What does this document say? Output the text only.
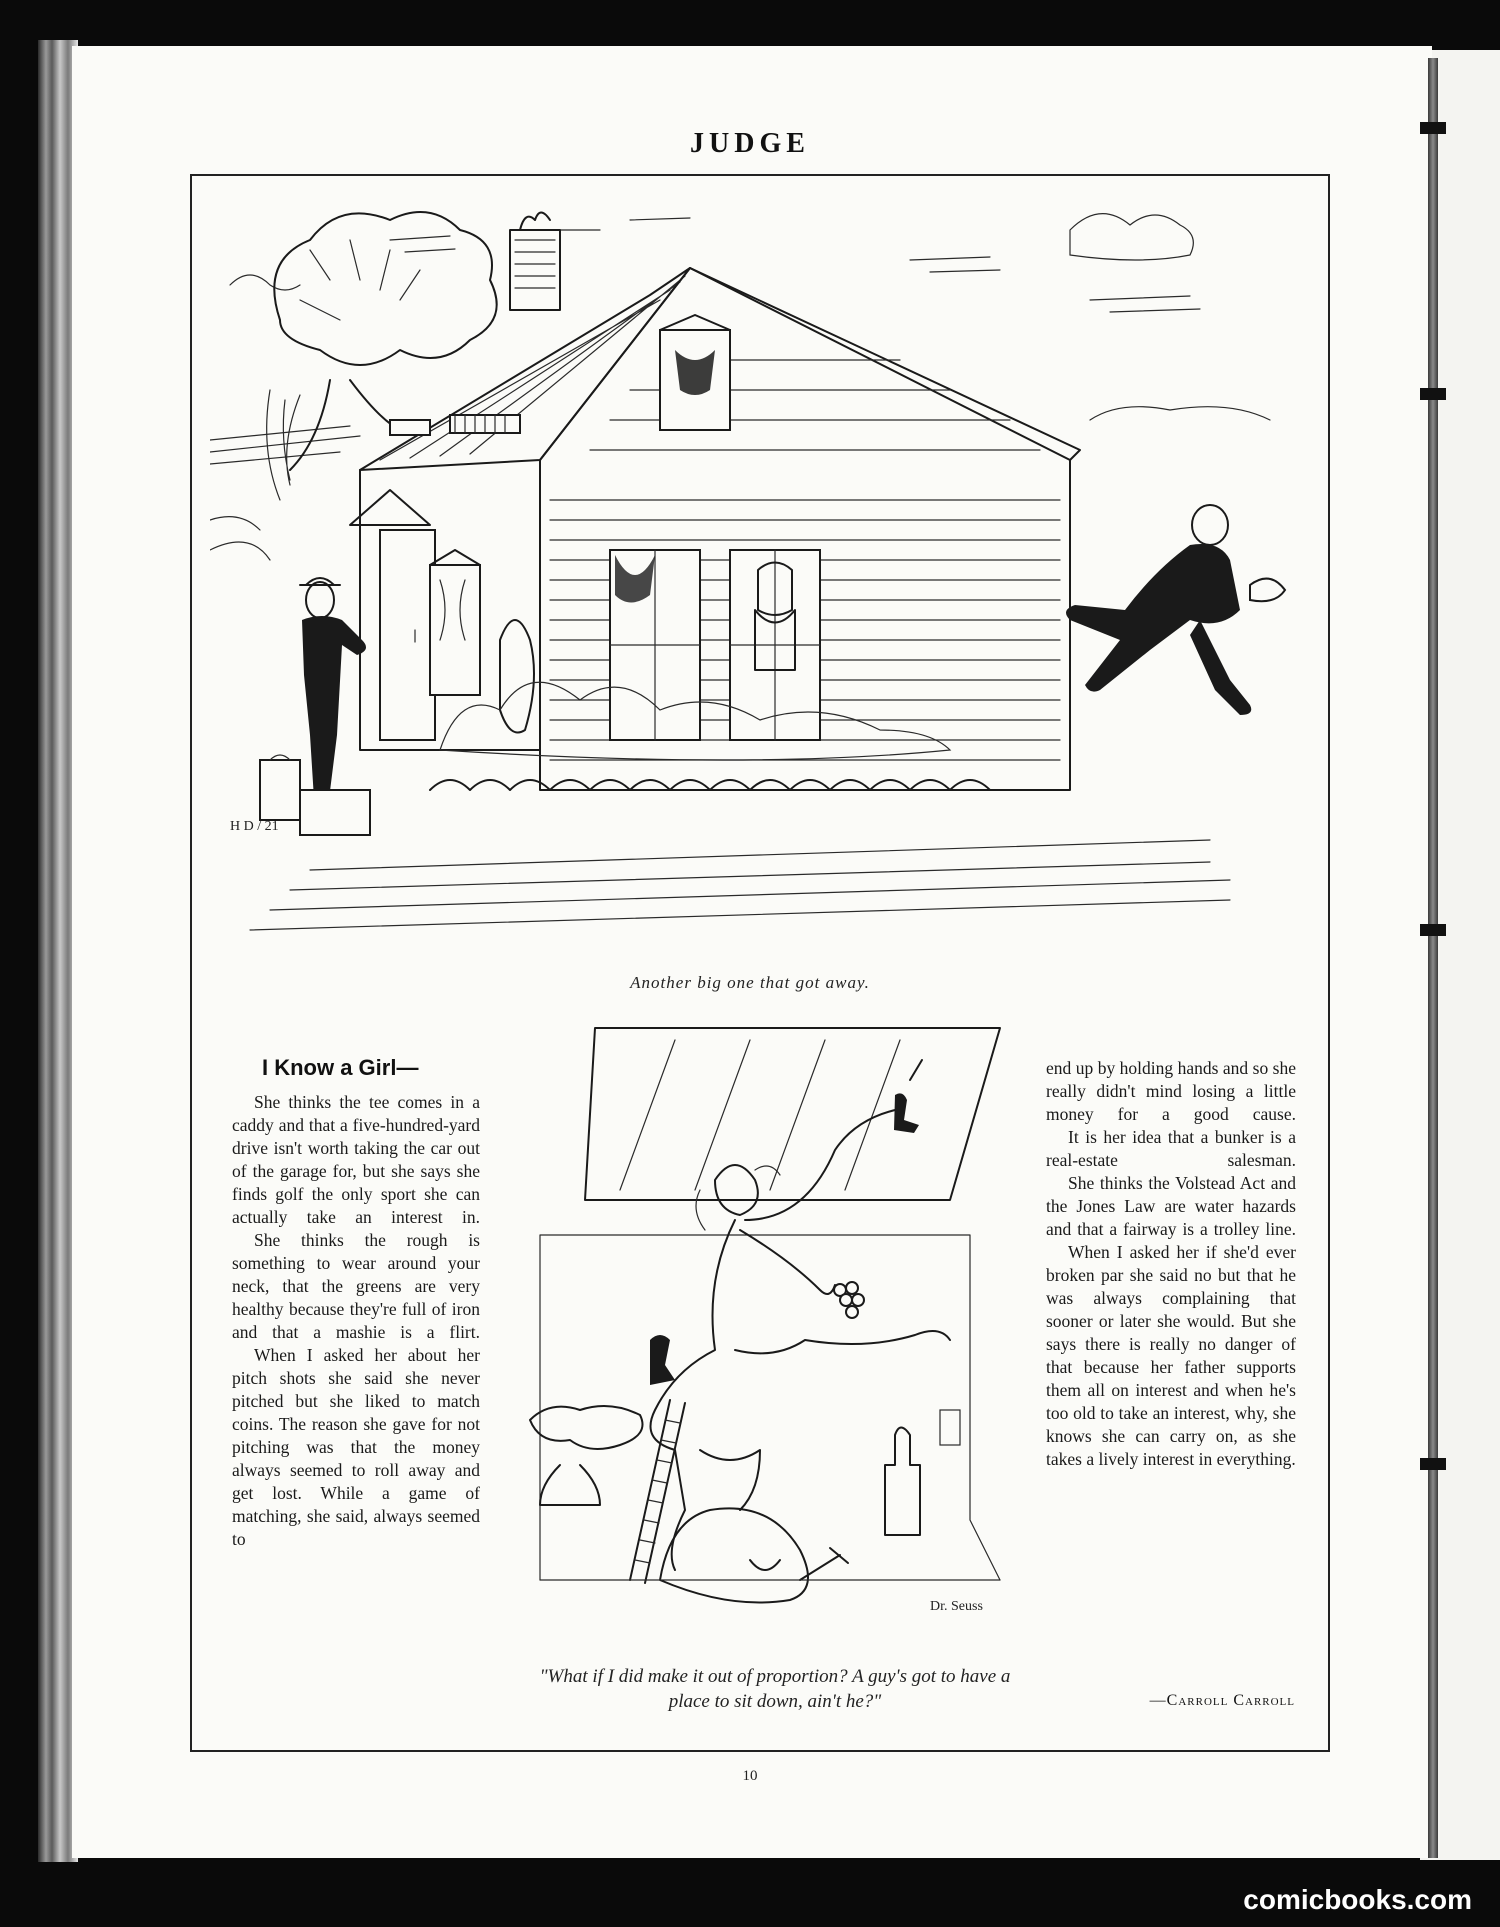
JUDGE
H D / 21
Another big one that got away.
Dr. Seuss
"What if I did make it out of proportion? A guy's got to have a place to sit down, ain't he?"
I Know a Girl—

She thinks the tee comes in a caddy and that a five-hundred-yard drive isn't worth taking the car out of the garage for, but she says she finds golf the only sport she can actually take an interest in.

She thinks the rough is something to wear around your neck, that the greens are very healthy because they're full of iron and that a mashie is a flirt.

When I asked her about her pitch shots she said she never pitched but she liked to match coins. The reason she gave for not pitching was that the money always seemed to roll away and get lost. While a game of matching, she said, always seemed to

end up by holding hands and so she really didn't mind losing a little money for a good cause.

It is her idea that a bunker is a real-estate salesman.

She thinks the Volstead Act and the Jones Law are water hazards and that a fairway is a trolley line.

When I asked her if she'd ever broken par she said no but that he was always complaining that sooner or later she would. But she says there is really no danger of that because her father supports them all on interest and when he's too old to take an interest, why, she knows she can carry on, as she takes a lively interest in everything.

—Carroll Carroll
10
comicbooks.com
